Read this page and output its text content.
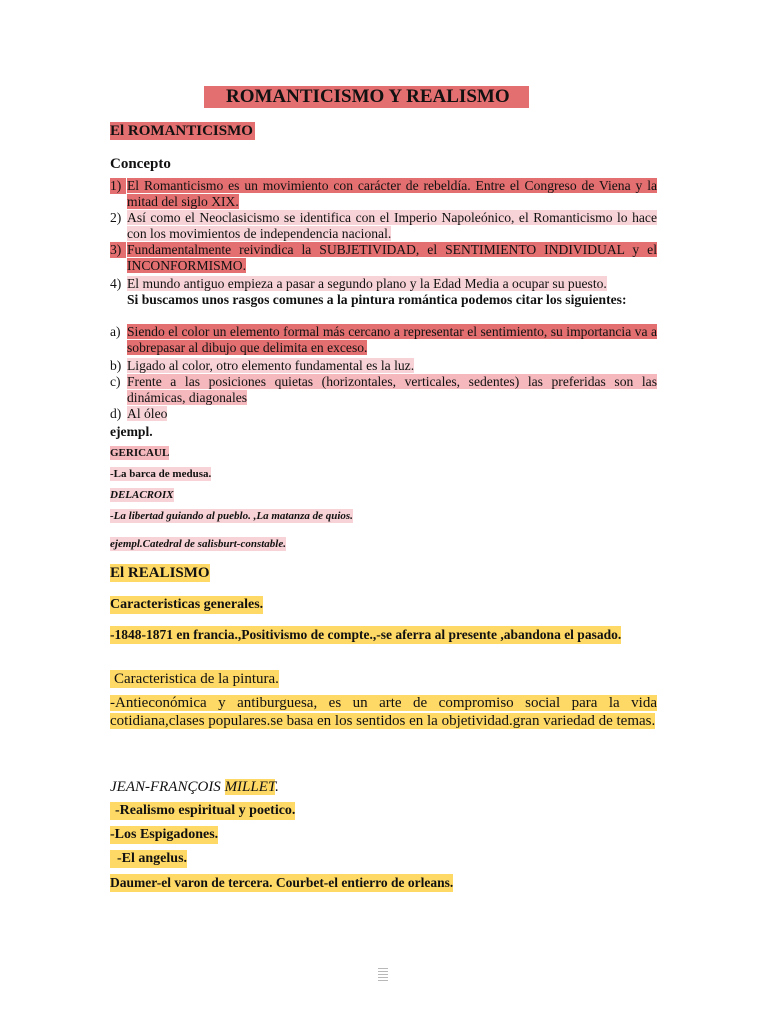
ROMANTICISMO Y REALISMO
El ROMANTICISMO
Concepto
1) El Romanticismo es un movimiento con carácter de rebeldía. Entre el Congreso de Viena y la mitad del siglo XIX.
2) Así como el Neoclasicismo se identifica con el Imperio Napoleónico, el Romanticismo lo hace con los movimientos de independencia nacional.
3) Fundamentalmente reivindica la SUBJETIVIDAD, el SENTIMIENTO INDIVIDUAL y el INCONFORMISMO.
4) El mundo antiguo empieza a pasar a segundo plano y la Edad Media a ocupar su puesto.
Si buscamos unos rasgos comunes a la pintura romántica podemos citar los siguientes:
a) Siendo el color un elemento formal más cercano a representar el sentimiento, su importancia va a sobrepasar al dibujo que delimita en exceso.
b) Ligado al color, otro elemento fundamental es la luz.
c) Frente a las posiciones quietas (horizontales, verticales, sedentes) las preferidas son las dinámicas, diagonales
d) Al óleo
ejempl.
GERICAUL
-La barca de medusa.
DELACROIX
-La libertad guiando al pueblo. ,La matanza de quios.
ejempl.Catedral de salisburt-constable.
El REALISMO
Caracteristicas generales.
-1848-1871 en francia.,Positivismo de compte.,-se aferra al presente ,abandona el pasado.
Caracteristica de la pintura.
-Antieconómica y antiburguesa, es un arte de compromiso social para la vida cotidiana,clases populares.se basa en los sentidos en la objetividad.gran variedad de temas.
JEAN-FRANÇOIS MILLET.
-Realismo espiritual y poetico.
-Los Espigadones.
-El angelus.
Daumer-el varon de tercera. Courbet-el entierro de orleans.
